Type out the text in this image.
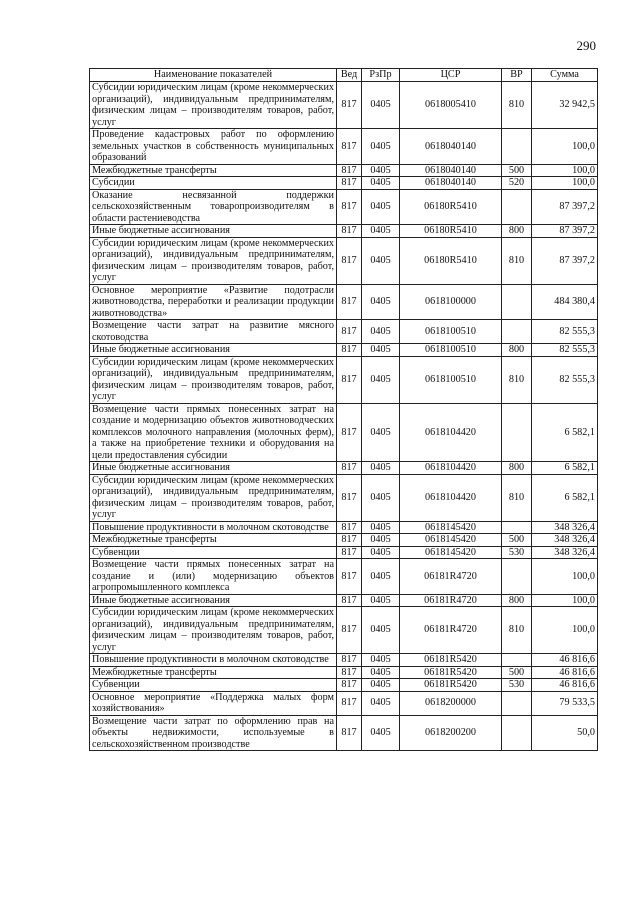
290
Наименование показателей	Вед	РзПр	ЦСР	ВР	Сумма
Субсидии юридическим лицам (кроме некоммерческих организаций), индивидуальным предпринимателям, физическим лицам – производителям товаров, работ, услуг	817	0405	0618005410	810	32 942,5
Проведение кадастровых работ по оформлению земельных участков в собственность муниципальных образований	817	0405	0618040140		100,0
Межбюджетные трансферты	817	0405	0618040140	500	100,0
Субсидии	817	0405	0618040140	520	100,0
Оказание несвязанной поддержки сельскохозяйственным товаропроизводителям в области растениеводства	817	0405	06180R5410		87 397,2
Иные бюджетные ассигнования	817	0405	06180R5410	800	87 397,2
Субсидии юридическим лицам (кроме некоммерческих организаций), индивидуальным предпринимателям, физическим лицам – производителям товаров, работ, услуг	817	0405	06180R5410	810	87 397,2
Основное мероприятие «Развитие подотрасли животноводства, переработки и реализации продукции животноводства»	817	0405	0618100000		484 380,4
Возмещение части затрат на развитие мясного скотоводства	817	0405	0618100510		82 555,3
Иные бюджетные ассигнования	817	0405	0618100510	800	82 555,3
Субсидии юридическим лицам (кроме некоммерческих организаций), индивидуальным предпринимателям, физическим лицам – производителям товаров, работ, услуг	817	0405	0618100510	810	82 555,3
Возмещение части прямых понесенных затрат на создание и модернизацию объектов животноводческих комплексов молочного направления (молочных ферм), а также на приобретение техники и оборудования на цели предоставления субсидии	817	0405	0618104420		6 582,1
Иные бюджетные ассигнования	817	0405	0618104420	800	6 582,1
Субсидии юридическим лицам (кроме некоммерческих организаций), индивидуальным предпринимателям, физическим лицам – производителям товаров, работ, услуг	817	0405	0618104420	810	6 582,1
Повышение продуктивности в молочном скотоводстве	817	0405	0618145420		348 326,4
Межбюджетные трансферты	817	0405	0618145420	500	348 326,4
Субвенции	817	0405	0618145420	530	348 326,4
Возмещение части прямых понесенных затрат на создание и (или) модернизацию объектов агропромышленного комплекса	817	0405	06181R4720		100,0
Иные бюджетные ассигнования	817	0405	06181R4720	800	100,0
Субсидии юридическим лицам (кроме некоммерческих организаций), индивидуальным предпринимателям, физическим лицам – производителям товаров, работ, услуг	817	0405	06181R4720	810	100,0
Повышение продуктивности в молочном скотоводстве	817	0405	06181R5420		46 816,6
Межбюджетные трансферты	817	0405	06181R5420	500	46 816,6
Субвенции	817	0405	06181R5420	530	46 816,6
Основное мероприятие «Поддержка малых форм хозяйствования»	817	0405	0618200000		79 533,5
Возмещение части затрат по оформлению прав на объекты недвижимости, используемые в сельскохозяйственном производстве	817	0405	0618200200		50,0
